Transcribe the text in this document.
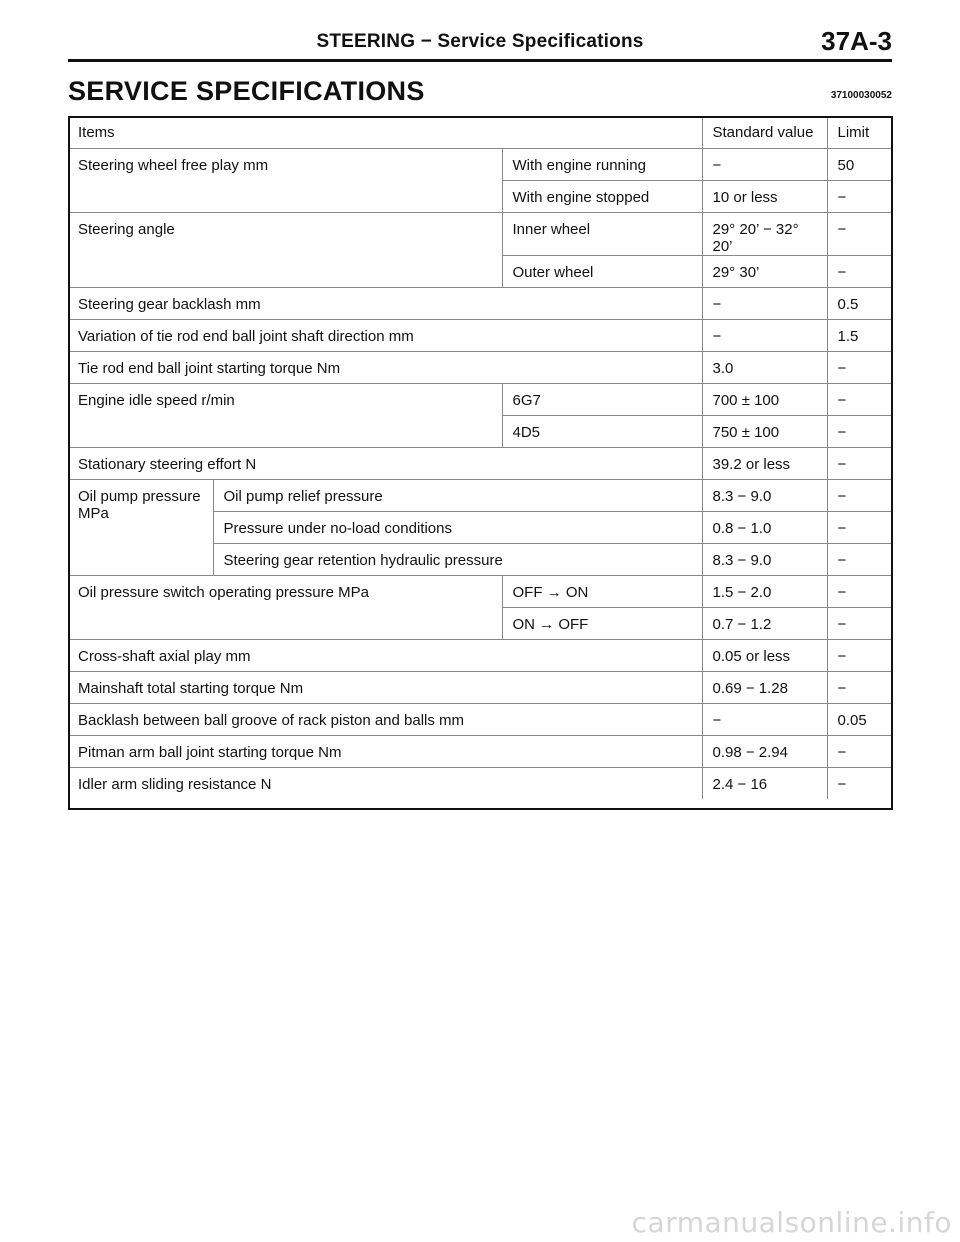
STEERING − Service Specifications	37A-3
SERVICE SPECIFICATIONS	37100030052
Items			Standard value	Limit
Steering wheel free play mm		With engine running	−	50
		With engine stopped	10 or less	−
Steering angle		Inner wheel	29° 20’ − 32° 20’	−
		Outer wheel	29° 30’	−
Steering gear backlash mm			−	0.5
Variation of tie rod end ball joint shaft direction mm			−	1.5
Tie rod end ball joint starting torque Nm			3.0	−
Engine idle speed r/min		6G7	700 ± 100	−
		4D5	750 ± 100	−
Stationary steering effort N			39.2 or less	−
Oil pump pressure MPa	Oil pump relief pressure		8.3 − 9.0	−
	Pressure under no-load conditions		0.8 − 1.0	−
	Steering gear retention hydraulic pressure		8.3 − 9.0	−
Oil pressure switch operating pressure MPa		OFF → ON	1.5 − 2.0	−
		ON → OFF	0.7 − 1.2	−
Cross-shaft axial play mm			0.05 or less	−
Mainshaft total starting torque Nm			0.69 − 1.28	−
Backlash between ball groove of rack piston and balls mm			−	0.05
Pitman arm ball joint starting torque Nm			0.98 − 2.94	−
Idler arm sliding resistance N			2.4 − 16	−
carmanualsonline.info
